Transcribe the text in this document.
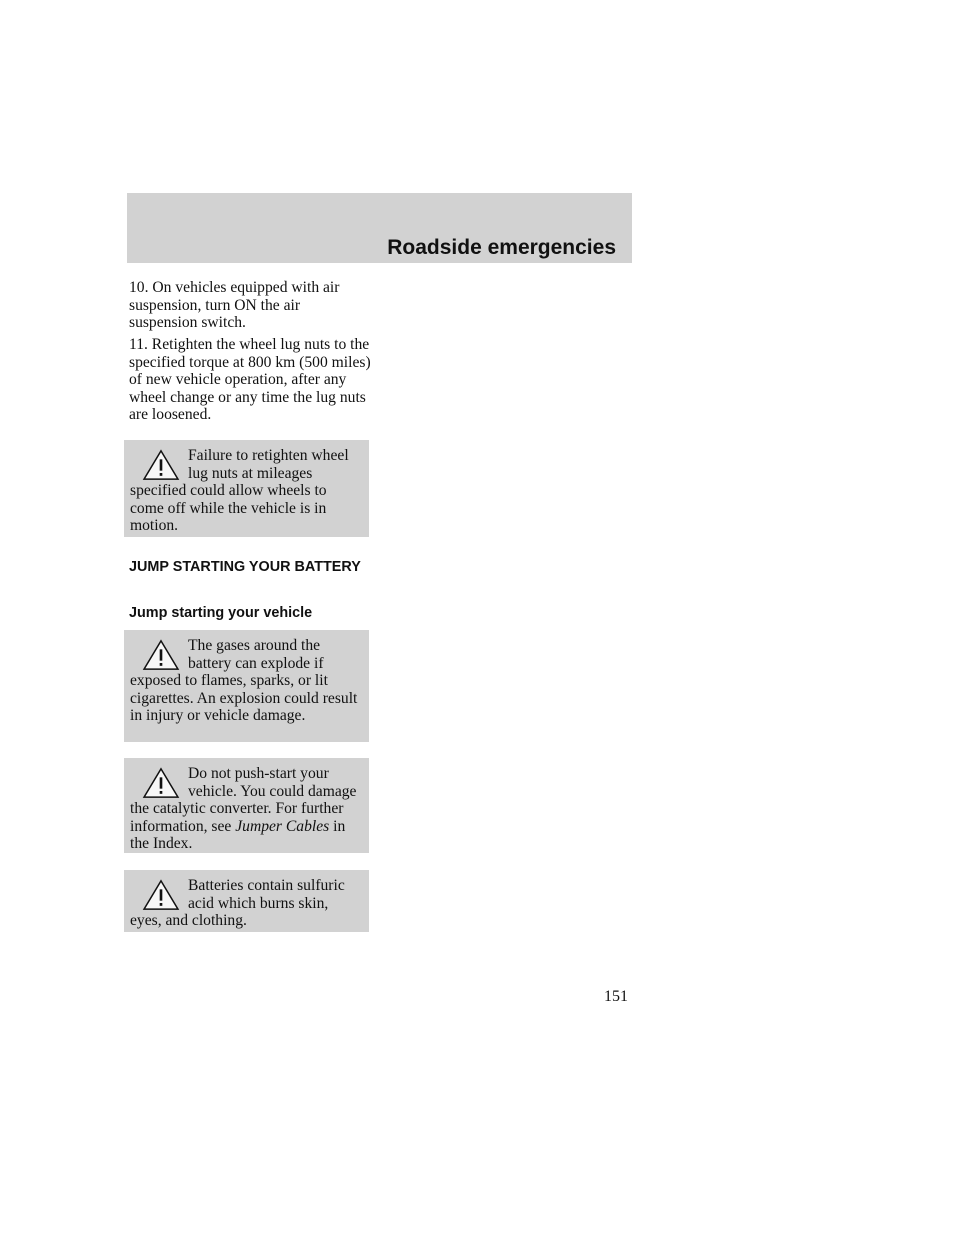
Roadside emergencies

10. On vehicles equipped with air suspension, turn ON the air suspension switch.

11. Retighten the wheel lug nuts to the specified torque at 800 km (500 miles) of new vehicle operation, after any wheel change or any time the lug nuts are loosened.

Failure to retighten wheel lug nuts at mileages specified could allow wheels to come off while the vehicle is in motion.

JUMP STARTING YOUR BATTERY

Jump starting your vehicle

The gases around the battery can explode if exposed to flames, sparks, or lit cigarettes. An explosion could result in injury or vehicle damage.

Do not push-start your vehicle. You could damage the catalytic converter. For further information, see Jumper Cables in the Index.

Batteries contain sulfuric acid which burns skin, eyes, and clothing.

151
